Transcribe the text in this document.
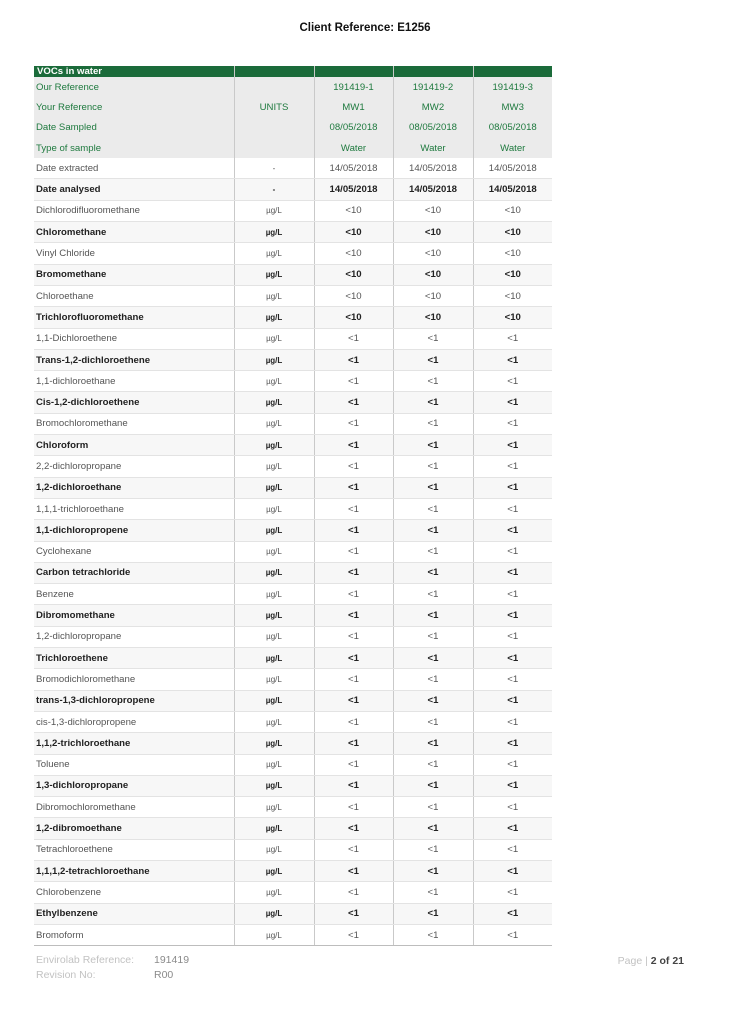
Client Reference: E1256
VOCs in water				
Our Reference		191419-1	191419-2	191419-3
Your Reference	UNITS	MW1	MW2	MW3
Date Sampled		08/05/2018	08/05/2018	08/05/2018
Type of sample		Water	Water	Water
Date extracted	-	14/05/2018	14/05/2018	14/05/2018
Date analysed	-	14/05/2018	14/05/2018	14/05/2018
Dichlorodifluoromethane	µg/L	<10	<10	<10
Chloromethane	µg/L	<10	<10	<10
Vinyl Chloride	µg/L	<10	<10	<10
Bromomethane	µg/L	<10	<10	<10
Chloroethane	µg/L	<10	<10	<10
Trichlorofluoromethane	µg/L	<10	<10	<10
1,1-Dichloroethene	µg/L	<1	<1	<1
Trans-1,2-dichloroethene	µg/L	<1	<1	<1
1,1-dichloroethane	µg/L	<1	<1	<1
Cis-1,2-dichloroethene	µg/L	<1	<1	<1
Bromochloromethane	µg/L	<1	<1	<1
Chloroform	µg/L	<1	<1	<1
2,2-dichloropropane	µg/L	<1	<1	<1
1,2-dichloroethane	µg/L	<1	<1	<1
1,1,1-trichloroethane	µg/L	<1	<1	<1
1,1-dichloropropene	µg/L	<1	<1	<1
Cyclohexane	µg/L	<1	<1	<1
Carbon tetrachloride	µg/L	<1	<1	<1
Benzene	µg/L	<1	<1	<1
Dibromomethane	µg/L	<1	<1	<1
1,2-dichloropropane	µg/L	<1	<1	<1
Trichloroethene	µg/L	<1	<1	<1
Bromodichloromethane	µg/L	<1	<1	<1
trans-1,3-dichloropropene	µg/L	<1	<1	<1
cis-1,3-dichloropropene	µg/L	<1	<1	<1
1,1,2-trichloroethane	µg/L	<1	<1	<1
Toluene	µg/L	<1	<1	<1
1,3-dichloropropane	µg/L	<1	<1	<1
Dibromochloromethane	µg/L	<1	<1	<1
1,2-dibromoethane	µg/L	<1	<1	<1
Tetrachloroethene	µg/L	<1	<1	<1
1,1,1,2-tetrachloroethane	µg/L	<1	<1	<1
Chlorobenzene	µg/L	<1	<1	<1
Ethylbenzene	µg/L	<1	<1	<1
Bromoform	µg/L	<1	<1	<1
Envirolab Reference: 191419
Revision No:	R00
Page | 2 of 21
